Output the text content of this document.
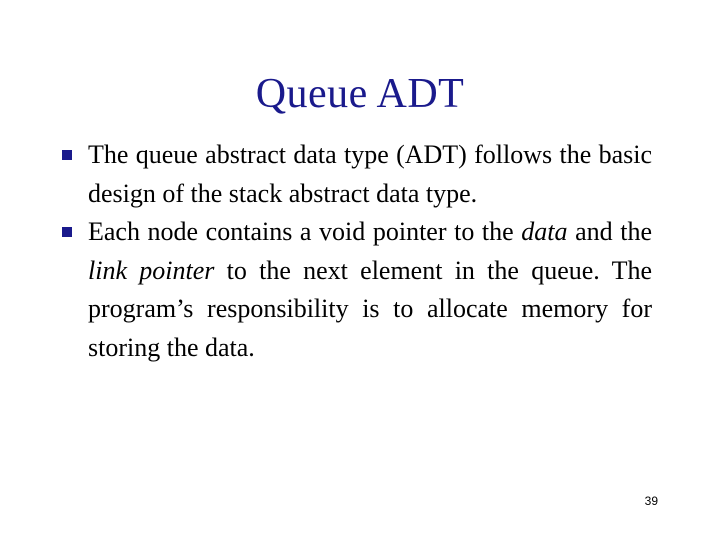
Queue ADT
The queue abstract data type (ADT) follows the basic design of the stack abstract data type.
Each node contains a void pointer to the data and the link pointer to the next element in the queue. The program’s responsibility is to allocate memory for storing the data.
39
